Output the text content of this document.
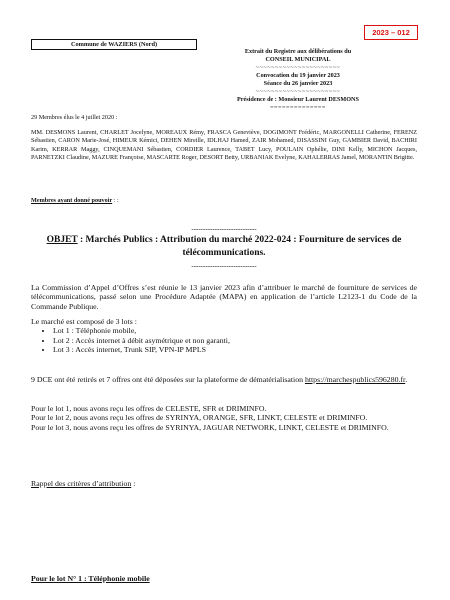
2023 – 012
Commune de WAZIERS (Nord)
Extrait du Registre aux délibérations du
CONSEIL MUNICIPAL
~~~~~~~~~~~~~~~~~~~~~~
Convocation du 19 janvier 2023
Séance du 26 janvier 2023
~~~~~~~~~~~~~~~~~~~~~~
Présidence de : Monsieur Laurent DESMONS
==============
29 Membres élus le 4 juillet 2020 :
MM. DESMONS Laurent, CHARLET Jocelyne, MOREAUX Rémy, FRASCA Geneviève, DOGIMONT Frédéric, MARGONELLI Catherine, FERENZ Sébastien, CARON Marie-José, HIMEUR Kémici, DEHEN Mireille, IDLHAJ Hamed, ZAIR Mohamed, DISASSINI Guy, GAMBIER David, BACHIRI Karim, KERRAR Maggy, CINQUEMANI Sébastien, CORDIER Laurence, TABET Lucy, POULAIN Ophélie, DINI Kelly, MICHON Jacques, PARNETZKI Claudine, MAZURE Françoise, MASCARTE Roger, DESORT Betty, URBANIAK Evelyne, KAHALERRAS Jamel, MORANTIN Brigitte.
Membres ayant donné pouvoir : :
----------------------------
OBJET : Marchés Publics : Attribution du marché 2022-024 : Fourniture de services de télécommunications.
----------------------------
La Commission d’Appel d’Offres s’est réunie le 13 janvier 2023 afin d’attribuer le marché de fourniture de services de télécommunications, passé selon une Procédure Adaptée (MAPA) en application de l’article L2123-1 du Code de la Commande Publique.
Le marché est composé de 3 lots :
• Lot 1 : Téléphonie mobile,
• Lot 2 : Accès internet à débit asymétrique et non garanti,
• Lot 3 : Accès internet, Trunk SIP, VPN-IP MPLS
9 DCE ont été retirés et 7 offres ont été déposées sur la plateforme de dématérialisation https://marchespublics596280.fr.
Pour le lot 1, nous avons reçu les offres de CELESTE, SFR et DRIMINFO.
Pour le lot 2, nous avons reçu les offres de SYRINYA, ORANGE, SFR, LINKT, CELESTE et DRIMINFO.
Pour le lot 3, nous avons reçu les offres de SYRINYA, JAGUAR NETWORK, LINKT, CELESTE et DRIMINFO.
Rappel des critères d’attribution :
Pour le lot N° 1 : Téléphonie mobile
